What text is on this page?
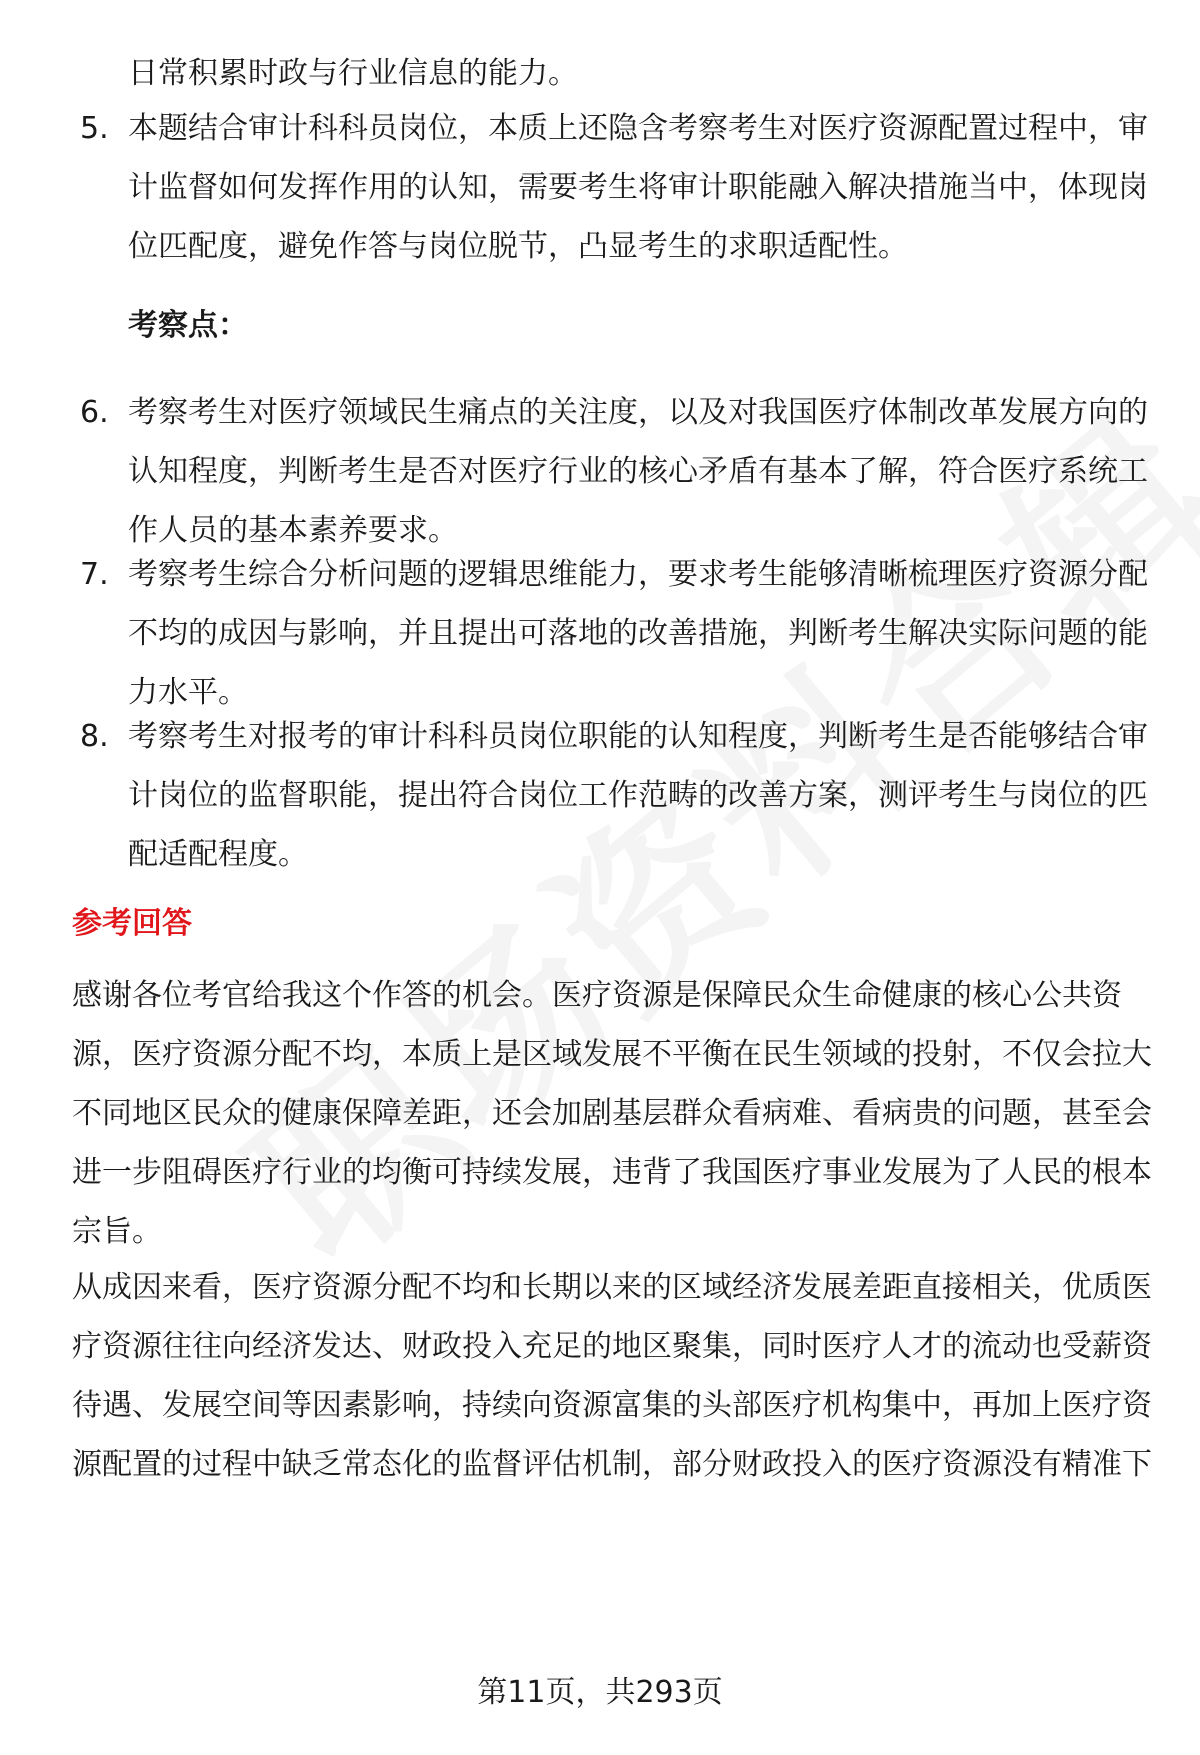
日常积累时政与行业信息的能力。
5. 本题结合审计科科员岗位，本质上还隐含考察考生对医疗资源配置过程中，审计监督如何发挥作用的认知，需要考生将审计职能融入解决措施当中，体现岗位匹配度，避免作答与岗位脱节，凸显考生的求职适配性。
考察点：
6. 考察考生对医疗领域民生痛点的关注度，以及对我国医疗体制改革发展方向的认知程度，判断考生是否对医疗行业的核心矛盾有基本了解，符合医疗系统工作人员的基本素养要求。
7. 考察考生综合分析问题的逻辑思维能力，要求考生能够清晰梳理医疗资源分配不均的成因与影响，并且提出可落地的改善措施，判断考生解决实际问题的能力水平。
8. 考察考生对报考的审计科科员岗位职能的认知程度，判断考生是否能够结合审计岗位的监督职能，提出符合岗位工作范畴的改善方案，测评考生与岗位的匹配适配程度。
参考回答
感谢各位考官给我这个作答的机会。医疗资源是保障民众生命健康的核心公共资源，医疗资源分配不均，本质上是区域发展不平衡在民生领域的投射，不仅会拉大不同地区民众的健康保障差距，还会加剧基层群众看病难、看病贵的问题，甚至会进一步阻碍医疗行业的均衡可持续发展，违背了我国医疗事业发展为了人民的根本宗旨。
从成因来看，医疗资源分配不均和长期以来的区域经济发展差距直接相关，优质医疗资源往往向经济发达、财政投入充足的地区聚集，同时医疗人才的流动也受薪资待遇、发展空间等因素影响，持续向资源富集的头部医疗机构集中，再加上医疗资源配置的过程中缺乏常态化的监督评估机制，部分财政投入的医疗资源没有精准下
第11页，共293页
